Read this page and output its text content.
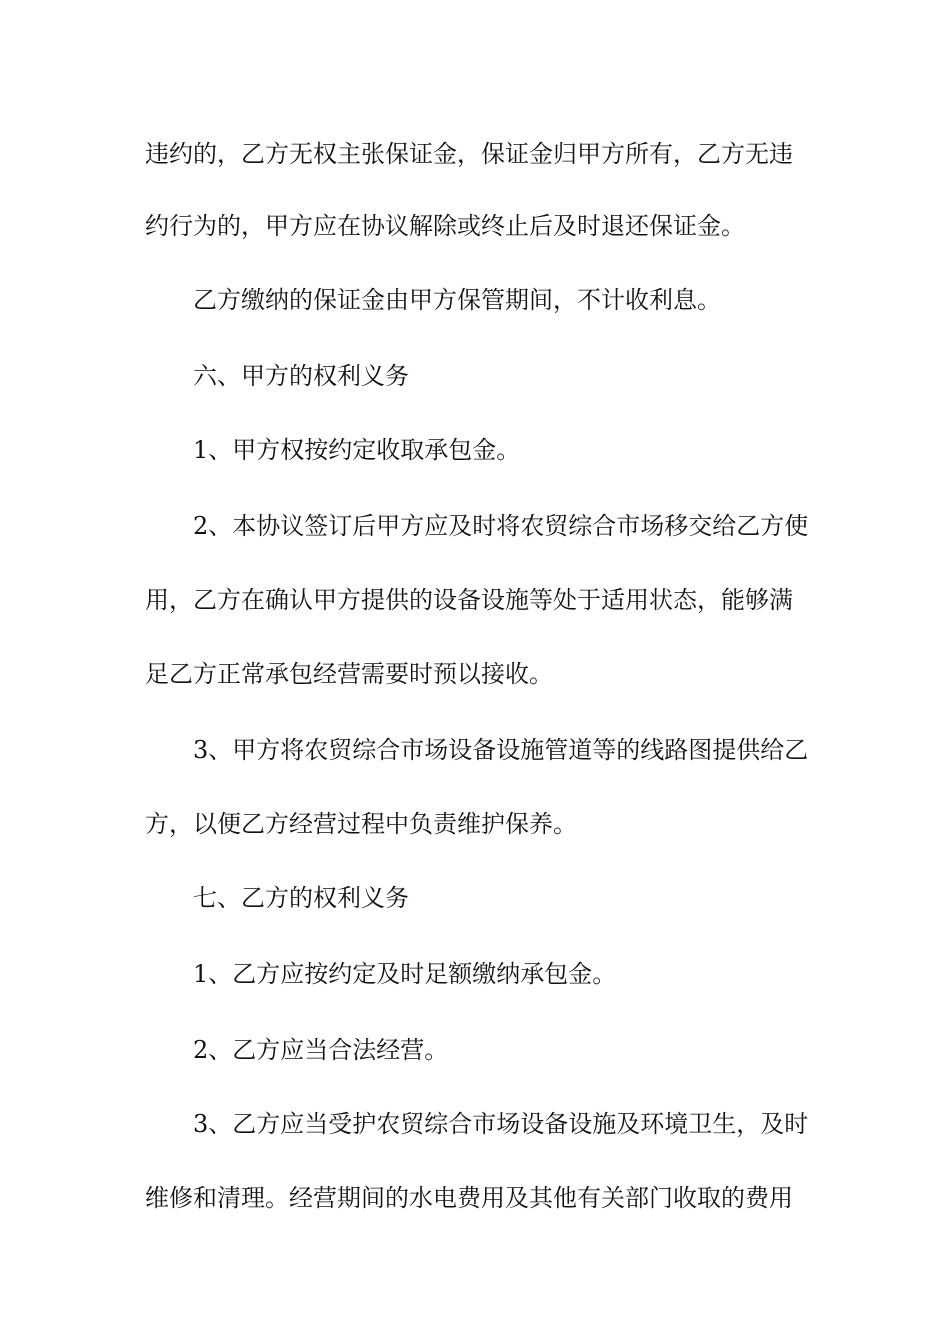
违约的，乙方无权主张保证金，保证金归甲方所有，乙方无违

约行为的，甲方应在协议解除或终止后及时退还保证金。

乙方缴纳的保证金由甲方保管期间，不计收利息。

六、甲方的权利义务

1、甲方权按约定收取承包金。

2、本协议签订后甲方应及时将农贸综合市场移交给乙方使

用，乙方在确认甲方提供的设备设施等处于适用状态，能够满

足乙方正常承包经营需要时预以接收。

3、甲方将农贸综合市场设备设施管道等的线路图提供给乙

方，以便乙方经营过程中负责维护保养。

七、乙方的权利义务

1、乙方应按约定及时足额缴纳承包金。

2、乙方应当合法经营。

3、乙方应当受护农贸综合市场设备设施及环境卫生，及时

维修和清理。经营期间的水电费用及其他有关部门收取的费用
